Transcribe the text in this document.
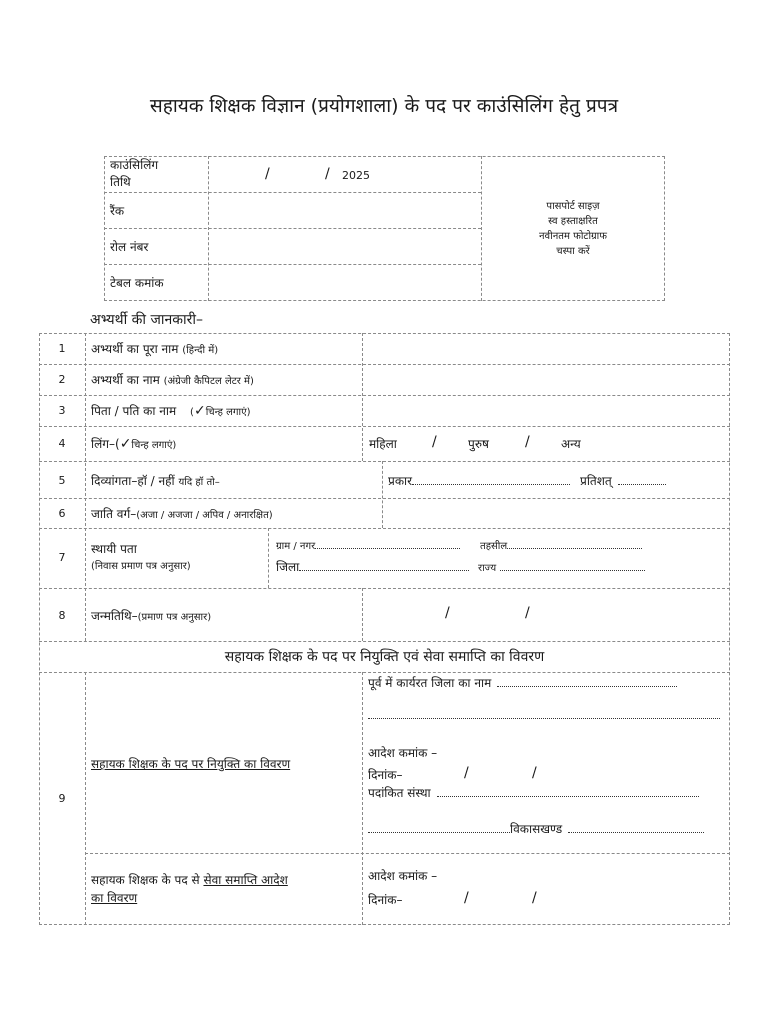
सहायक शिक्षक विज्ञान (प्रयोगशाला) के पद पर काउंसिलिंग हेतु प्रपत्र
काउंसिलिंग
तिथि	/	/ 2025
रैंक
रोल नंबर
टेबल कमांक
पासपोर्ट साइज़
स्व हस्ताक्षरित
नवीनतम फोटोग्राफ
चस्पा करें
अभ्यर्थी की जानकारी–
1	अभ्यर्थी का पूरा नाम (हिन्दी में)
2	अभ्यर्थी का नाम (अंग्रेजी कैपिटल लेटर में)
3	पिता / पति का नाम (✓चिन्ह लगाएं)
4	लिंग–(✓चिन्ह लगाएं)	महिला	/	पुरुष	/	अन्य
5	दिव्यांगता–हॉ / नहीं यदि हॉ तो–	प्रकार	प्रतिशत्
6	जाति वर्ग–(अजा / अजजा / अपिव / अनारक्षित)
7
स्थायी पता
(निवास प्रमाण पत्र अनुसार)
ग्राम / नगर	तहसील
जिला	राज्य
8	जन्मतिथि–(प्रमाण पत्र अनुसार)	/	/
सहायक शिक्षक के पद पर नियुक्ति एवं सेवा समाप्ति का विवरण
9
सहायक शिक्षक के पद पर नियुक्ति का विवरण
पूर्व में कार्यरत जिला का नाम
आदेश कमांक –
दिनांक–	/	/
पदांकित संस्था
विकासखण्ड
सहायक शिक्षक के पद से सेवा समाप्ति आदेश
का विवरण
आदेश कमांक –
दिनांक–	/	/
